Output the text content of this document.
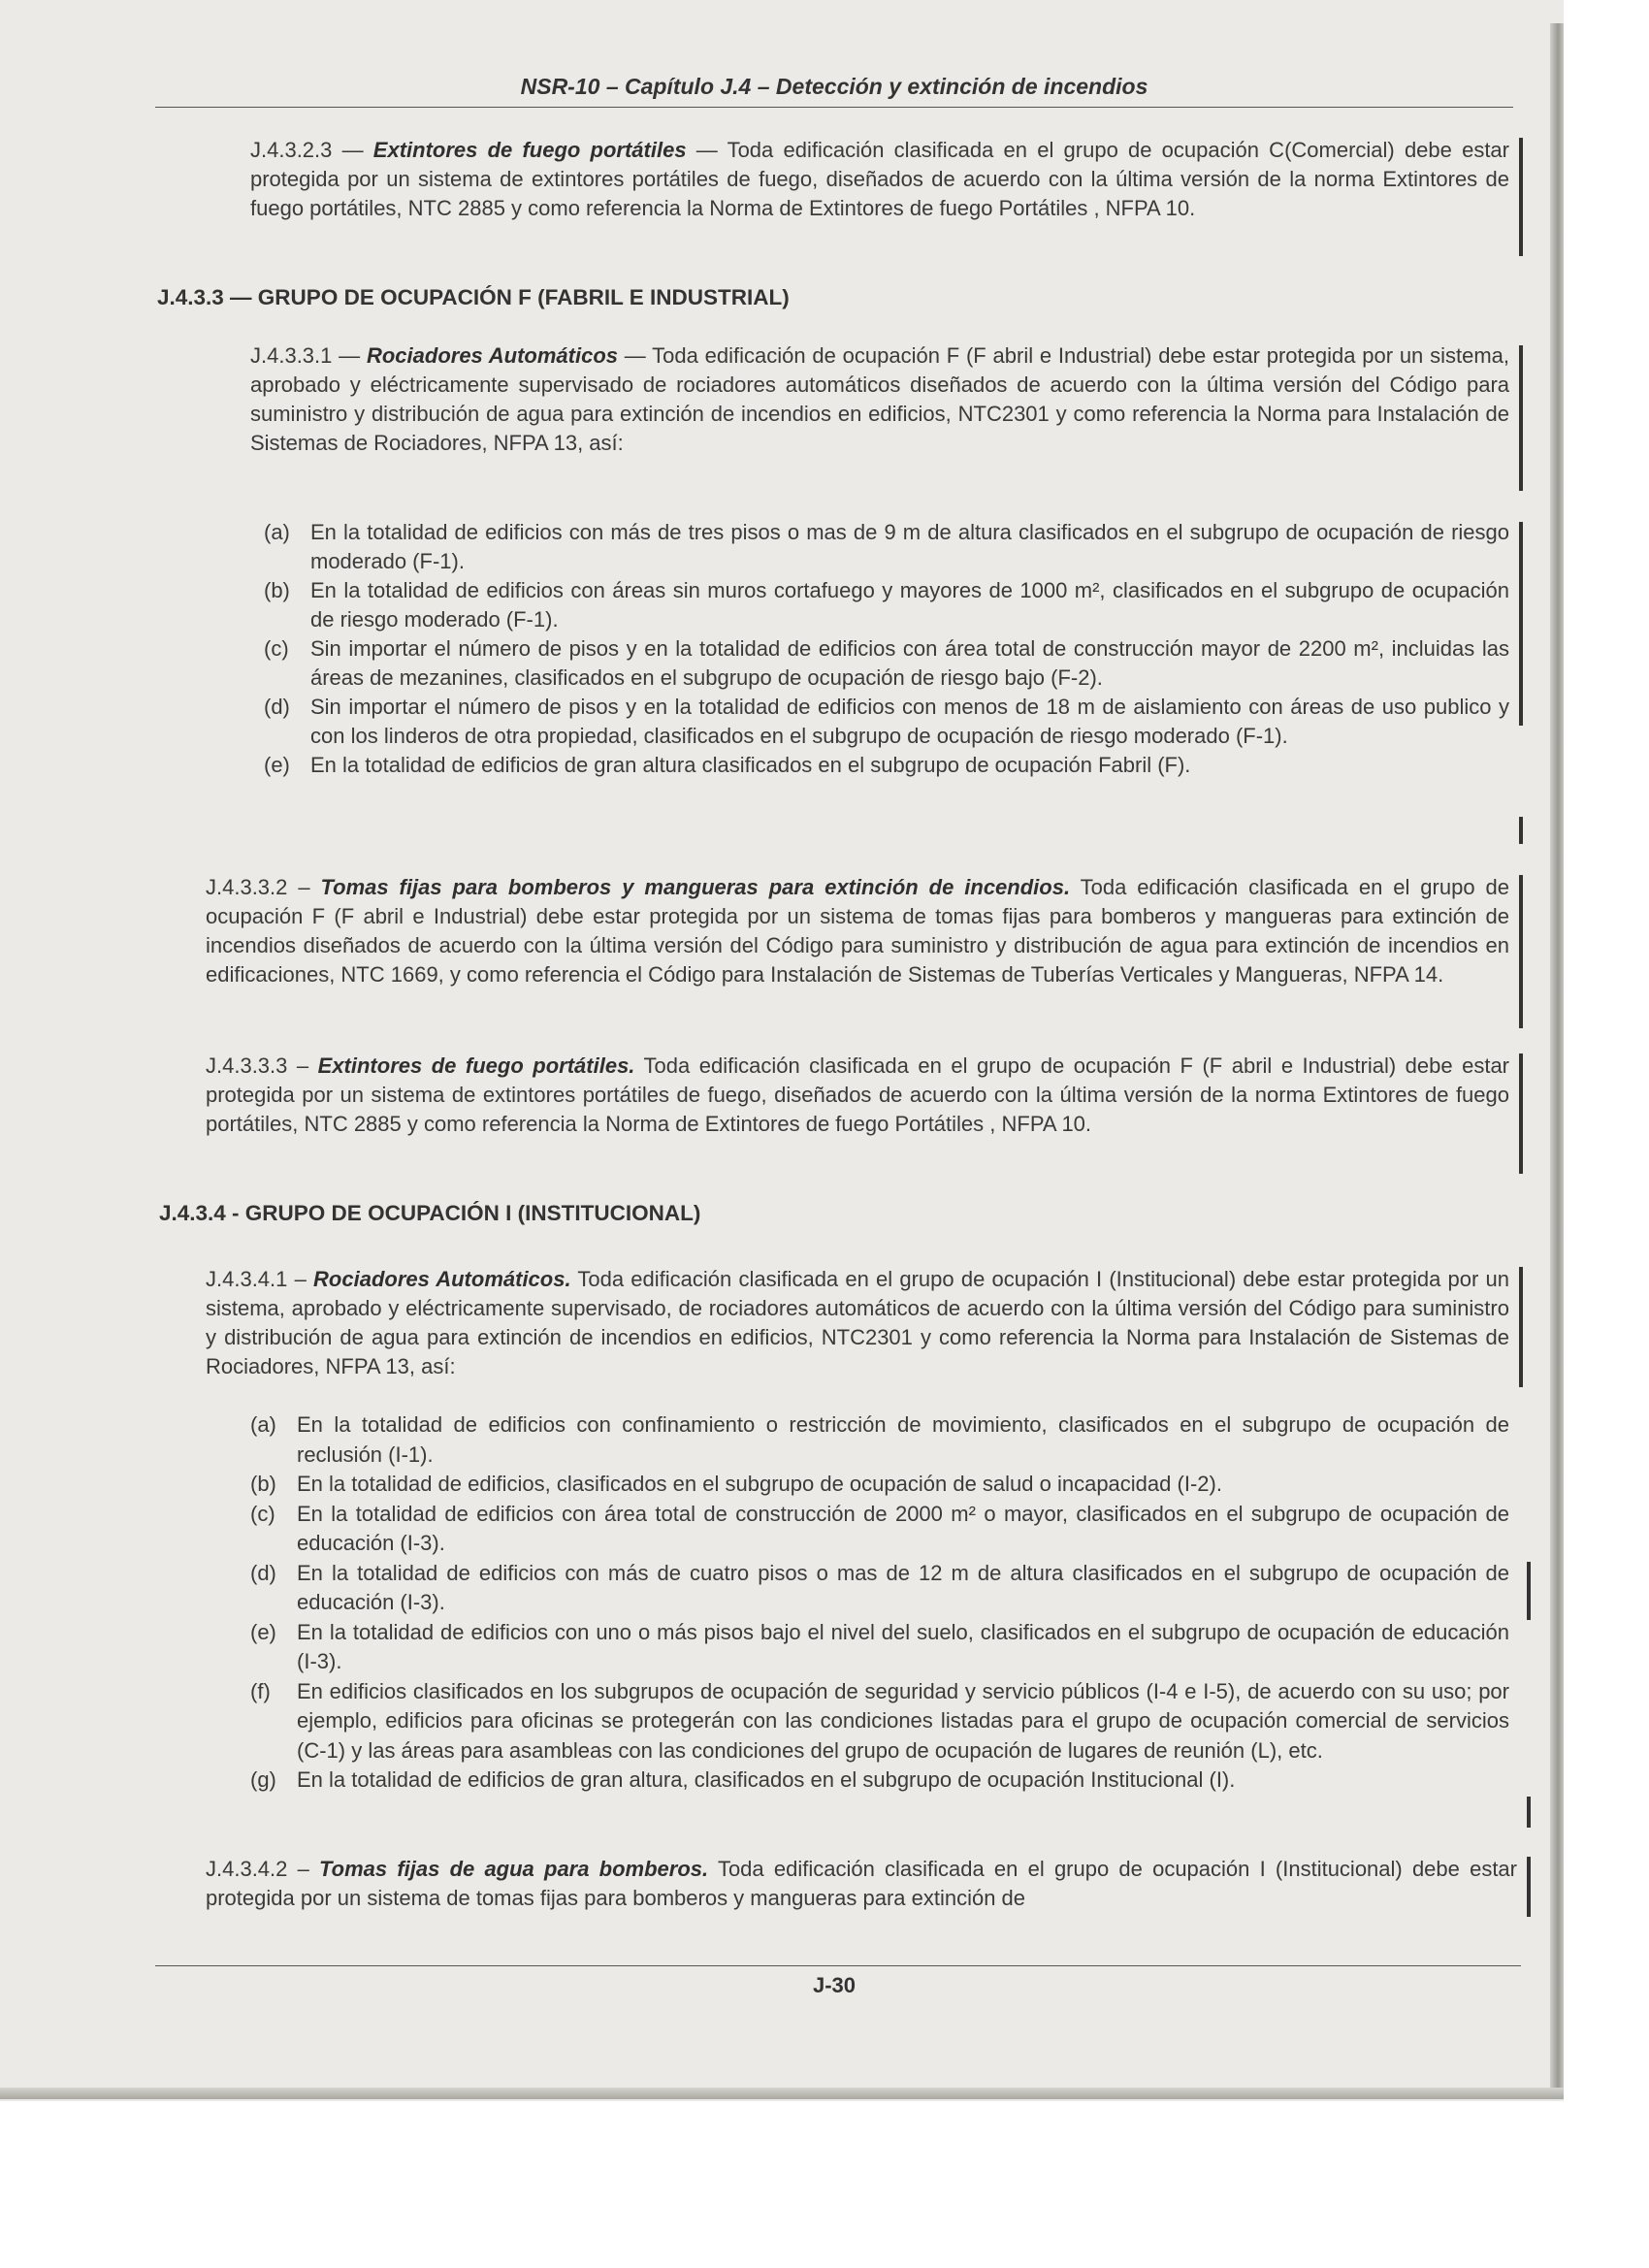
NSR-10 – Capítulo J.4 – Detección y extinción de incendios

J.4.3.2.3 — Extintores de fuego portátiles — Toda edificación clasificada en el grupo de ocupación C(Comercial) debe estar protegida por un sistema de extintores portátiles de fuego, diseñados de acuerdo con la última versión de la norma Extintores de fuego portátiles, NTC 2885 y como referencia la Norma de Extintores de fuego Portátiles , NFPA 10.

J.4.3.3 — GRUPO DE OCUPACIÓN F (FABRIL E INDUSTRIAL)

J.4.3.3.1 — Rociadores Automáticos — Toda edificación de ocupación F (F abril e Industrial) debe estar protegida por un sistema, aprobado y eléctricamente supervisado de rociadores automáticos diseñados de acuerdo con la última versión del Código para suministro y distribución de agua para extinción de incendios en edificios, NTC2301 y como referencia la Norma para Instalación de Sistemas de Rociadores, NFPA 13, así:

(a) En la totalidad de edificios con más de tres pisos o mas de 9 m de altura clasificados en el subgrupo de ocupación de riesgo moderado (F-1).
(b) En la totalidad de edificios con áreas sin muros cortafuego y mayores de 1000 m², clasificados en el subgrupo de ocupación de riesgo moderado (F-1).
(c) Sin importar el número de pisos y en la totalidad de edificios con área total de construcción mayor de 2200 m², incluidas las áreas de mezanines, clasificados en el subgrupo de ocupación de riesgo bajo (F-2).
(d) Sin importar el número de pisos y en la totalidad de edificios con menos de 18 m de aislamiento con áreas de uso publico y con los linderos de otra propiedad, clasificados en el subgrupo de ocupación de riesgo moderado (F-1).
(e) En la totalidad de edificios de gran altura clasificados en el subgrupo de ocupación Fabril (F).

J.4.3.3.2 – Tomas fijas para bomberos y mangueras para extinción de incendios. Toda edificación clasificada en el grupo de ocupación F (F abril e Industrial) debe estar protegida por un sistema de tomas fijas para bomberos y mangueras para extinción de incendios diseñados de acuerdo con la última versión del Código para suministro y distribución de agua para extinción de incendios en edificaciones, NTC 1669, y como referencia el Código para Instalación de Sistemas de Tuberías Verticales y Mangueras, NFPA 14.

J.4.3.3.3 – Extintores de fuego portátiles. Toda edificación clasificada en el grupo de ocupación F (F abril e Industrial) debe estar protegida por un sistema de extintores portátiles de fuego, diseñados de acuerdo con la última versión de la norma Extintores de fuego portátiles, NTC 2885 y como referencia la Norma de Extintores de fuego Portátiles , NFPA 10.

J.4.3.4 - GRUPO DE OCUPACIÓN I (INSTITUCIONAL)

J.4.3.4.1 – Rociadores Automáticos. Toda edificación clasificada en el grupo de ocupación I (Institucional) debe estar protegida por un sistema, aprobado y eléctricamente supervisado, de rociadores automáticos de acuerdo con la última versión del Código para suministro y distribución de agua para extinción de incendios en edificios, NTC2301 y como referencia la Norma para Instalación de Sistemas de Rociadores, NFPA 13, así:

(a) En la totalidad de edificios con confinamiento o restricción de movimiento, clasificados en el subgrupo de ocupación de reclusión (I-1).
(b) En la totalidad de edificios, clasificados en el subgrupo de ocupación de salud o incapacidad (I-2).
(c) En la totalidad de edificios con área total de construcción de 2000 m² o mayor, clasificados en el subgrupo de ocupación de educación (I-3).
(d) En la totalidad de edificios con más de cuatro pisos o mas de 12 m de altura clasificados en el subgrupo de ocupación de educación (I-3).
(e) En la totalidad de edificios con uno o más pisos bajo el nivel del suelo, clasificados en el subgrupo de ocupación de educación (I-3).
(f) En edificios clasificados en los subgrupos de ocupación de seguridad y servicio públicos (I-4 e I-5), de acuerdo con su uso; por ejemplo, edificios para oficinas se protegerán con las condiciones listadas para el grupo de ocupación comercial de servicios (C-1) y las áreas para asambleas con las condiciones del grupo de ocupación de lugares de reunión (L), etc.
(g) En la totalidad de edificios de gran altura, clasificados en el subgrupo de ocupación Institucional (I).

J.4.3.4.2 – Tomas fijas de agua para bomberos. Toda edificación clasificada en el grupo de ocupación I (Institucional) debe estar protegida por un sistema de tomas fijas para bomberos y mangueras para extinción de

J-30
